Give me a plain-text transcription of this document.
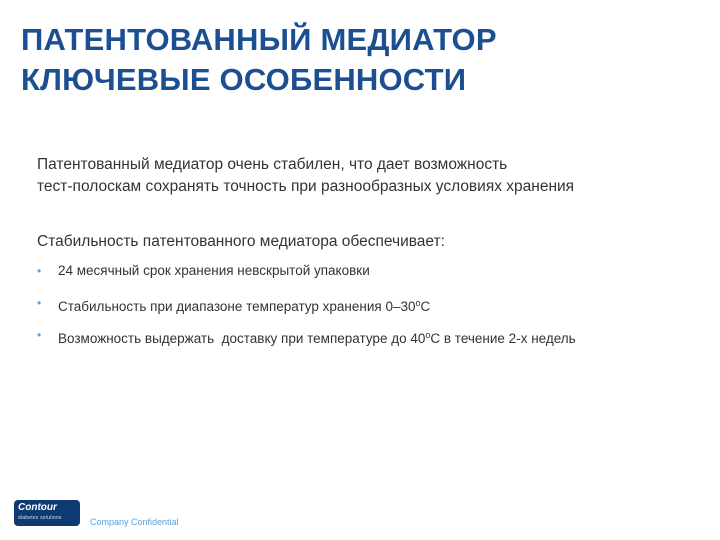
ПАТЕНТОВАННЫЙ МЕДИАТОР
КЛЮЧЕВЫЕ ОСОБЕННОСТИ
Патентованный медиатор очень стабилен, что дает возможность
тест-полоскам сохранять точность при разнообразных условиях хранения
Стабильность патентованного медиатора обеспечивает:
• 24 месячный срок хранения невскрытой упаковки
• Стабильность при диапазоне температур хранения $0-30^оС$
• Возможность выдержать  доставку при температуре до $40^оС$ в течение 2-х недель
Contour
diabetes solutions	Company Confidential
